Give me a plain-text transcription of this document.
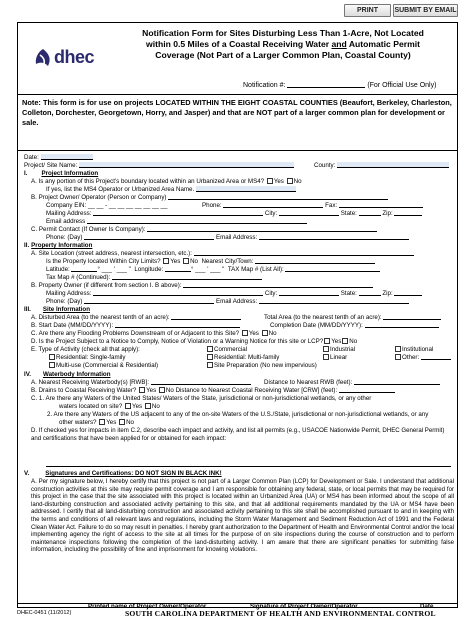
PRINT	SUBMIT BY EMAIL
dhec
Notification Form for Sites Disturbing Less Than 1-Acre, Not Located
within 0.5 Miles of a Coastal Receiving Water and Automatic Permit
Coverage (Not Part of a Larger Common Plan, Coastal County)
Notification #:	(For Official Use Only)
Note: This form is for use on projects LOCATED WITHIN THE EIGHT COASTAL COUNTIES (Beaufort, Berkeley, Charleston, Colleton, Dorchester, Georgetown, Horry, and Jasper) and that are NOT part of a larger common plan for development or sale.
Date:
Project/ Site Name:	County:
I. Project Information
A. Is any portion of this Project’s boundary located within an Urbanized Area or MS4? Yes No
If yes, list the MS4 Operator or Urbanized Area Name.
B. Project Owner/ Operator (Person or Company)
Company EIN: __ __ - __ __ __ __ __ __ __	Phone:	Fax:
Mailing Address:	City:	State:	Zip:
Email address
C. Permit Contact (If Owner Is Company):
Phone: (Day)	Email Address:
II. Property Information
A. Site Location (street address, nearest intersection, etc.):
Is the Property located Within City Limits? Yes No Nearest City/Town:
Latitude:	° ___ ' ___ " Longitude:	° ___ ' ___ " TAX Map # (List All):
Tax Map # (Continued):
B. Property Owner (if different from section I. B above):
Mailing Address:	City:	State:	Zip:
Phone: (Day)	Email Address:
III. Site Information
A. Disturbed Area (to the nearest tenth of an acre):	Total Area (to the nearest tenth of an acre):
B. Start Date (MM/DD/YYYY):	Completion Date (MM/DD/YYYY):
C. Are there any Flooding Problems Downstream of or Adjacent to this Site? Yes No
D. Is the Project Subject to a Notice to Comply, Notice of Violation or a Warning Notice for this site or LCP? Yes No
E. Type of Activity (check all that apply):	Commercial	Industrial	Institutional
Residential: Single-family	Residential: Multi-family	Linear	Other:
Multi-use (Commercial & Residential)	Site Preparation (No new impervious)
IV. Waterbody Information
A. Nearest Receiving Waterbody(s) [RWB]:	Distance to Nearest RWB (feet):
B. Drains to Coastal Receiving Water? Yes No Distance to Nearest Coastal Receiving Water [CRW] (feet):
C. 1. Are there any Waters of the United States/ Waters of the State, jurisdictional or non-jurisdictional wetlands, or any other
waters located on site? Yes No
2. Are there any Waters of the US adjacent to any of the on-site Waters of the U.S./State, jurisdictional or non-jurisdictional wetlands, or any
other waters? Yes No
D. If checked yes for impacts in item C.2, describe each impact and activity, and list all permits (e.g., USACOE Nationwide Permit, DHEC General Permit) and certifications that have been applied for or obtained for each impact:
V.	Signatures and Certifications: DO NOT SIGN IN BLACK INK!
A. Per my signature below, I hereby certify that this project is not part of a Larger Common Plan (LCP) for Development or Sale. I understand that additional construction activities at this site may require permit coverage and I am responsible for obtaining any federal, state, or local permits that may be required for this project in the case that the site associated with this project is located within an Urbanized Area (UA) or MS4 has been informed about the scope of all land-disturbing construction and associated activity pertaining to this site, and that all additional requirements mandated by the UA or MS4 have been addressed. I certify that all land-disturbing construction and associated activity pertaining to this site shall be accomplished pursuant to and in keeping with the terms and conditions of all relevant laws and regulations, including the Storm Water Management and Sediment Reduction Act of 1991 and the Federal Clean Water Act. Failure to do so may result in penalties. I hereby grant authorization to the Department of Health and Environmental Control and/or the local implementing agency the right of access to the site at all times for the purpose of on site inspections during the course of construction and to perform maintenance inspections following the completion of the land-disturbing activity. I am aware that there are significant penalties for submitting false information, including the possibility of fine and imprisonment for knowing violations.
Printed name of Project Owner/Operator	Signature of Project Owner/Operator	Date
DHEC-0451 (11/2012)	SOUTH CAROLINA DEPARTMENT OF HEALTH AND ENVIRONMENTAL CONTROL
